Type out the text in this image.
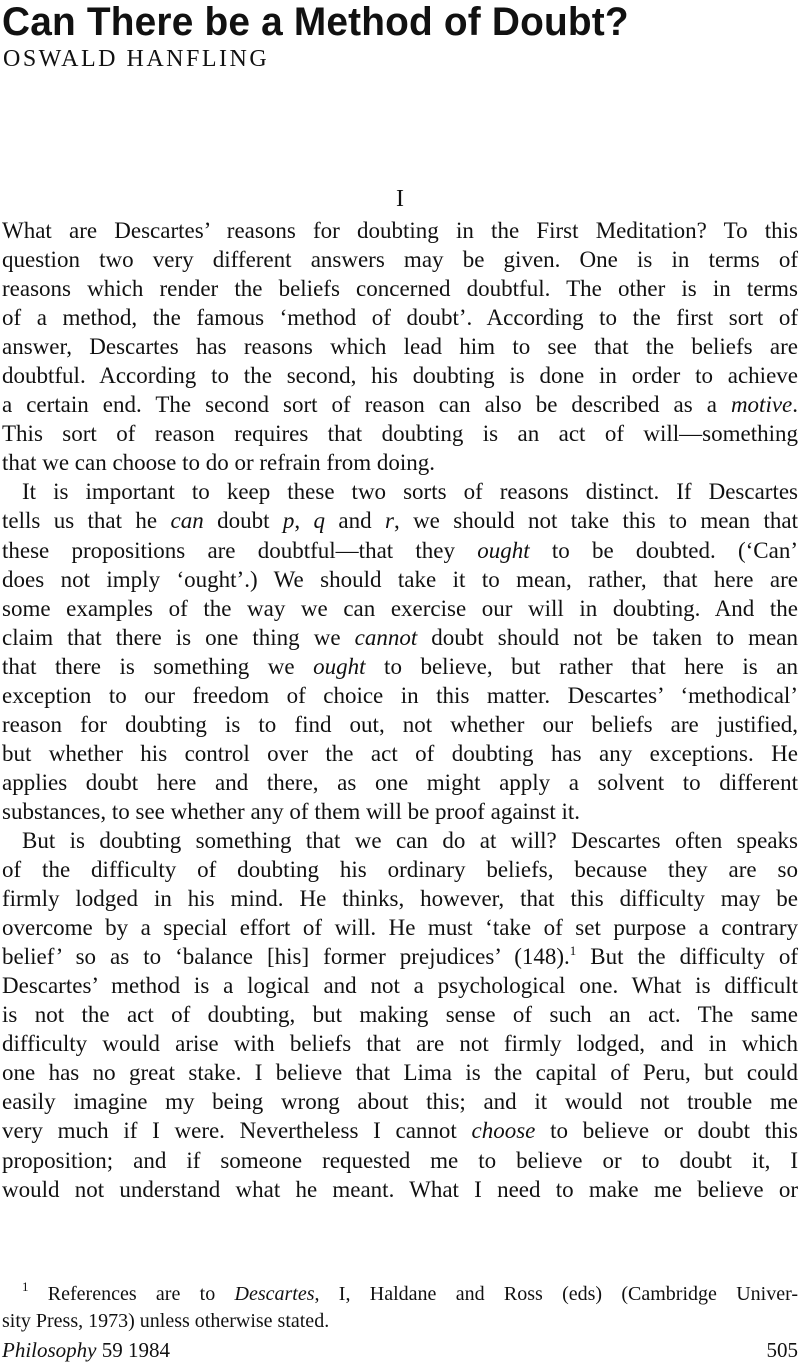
Can There be a Method of Doubt?
OSWALD HANFLING
I
What are Descartes’ reasons for doubting in the First Meditation? To this
question two very different answers may be given. One is in terms of
reasons which render the beliefs concerned doubtful. The other is in terms
of a method, the famous ‘method of doubt’. According to the first sort of
answer, Descartes has reasons which lead him to see that the beliefs are
doubtful. According to the second, his doubting is done in order to achieve
a certain end. The second sort of reason can also be described as a motive.
This sort of reason requires that doubting is an act of will—something
that we can choose to do or refrain from doing.
It is important to keep these two sorts of reasons distinct. If Descartes
tells us that he can doubt p, q and r, we should not take this to mean that
these propositions are doubtful—that they ought to be doubted. (‘Can’
does not imply ‘ought’.) We should take it to mean, rather, that here are
some examples of the way we can exercise our will in doubting. And the
claim that there is one thing we cannot doubt should not be taken to mean
that there is something we ought to believe, but rather that here is an
exception to our freedom of choice in this matter. Descartes’ ‘methodical’
reason for doubting is to find out, not whether our beliefs are justified,
but whether his control over the act of doubting has any exceptions. He
applies doubt here and there, as one might apply a solvent to different
substances, to see whether any of them will be proof against it.
But is doubting something that we can do at will? Descartes often speaks
of the difficulty of doubting his ordinary beliefs, because they are so
firmly lodged in his mind. He thinks, however, that this difficulty may be
overcome by a special effort of will. He must ‘take of set purpose a contrary
belief’ so as to ‘balance [his] former prejudices’ (148).$^1$ But the difficulty of
Descartes’ method is a logical and not a psychological one. What is difficult
is not the act of doubting, but making sense of such an act. The same
difficulty would arise with beliefs that are not firmly lodged, and in which
one has no great stake. I believe that Lima is the capital of Peru, but could
easily imagine my being wrong about this; and it would not trouble me
very much if I were. Nevertheless I cannot choose to believe or doubt this
proposition; and if someone requested me to believe or to doubt it, I
would not understand what he meant. What I need to make me believe or
$^1$ References are to Descartes, I, Haldane and Ross (eds) (Cambridge Univer-
sity Press, 1973) unless otherwise stated.
Philosophy 59 1984	505
